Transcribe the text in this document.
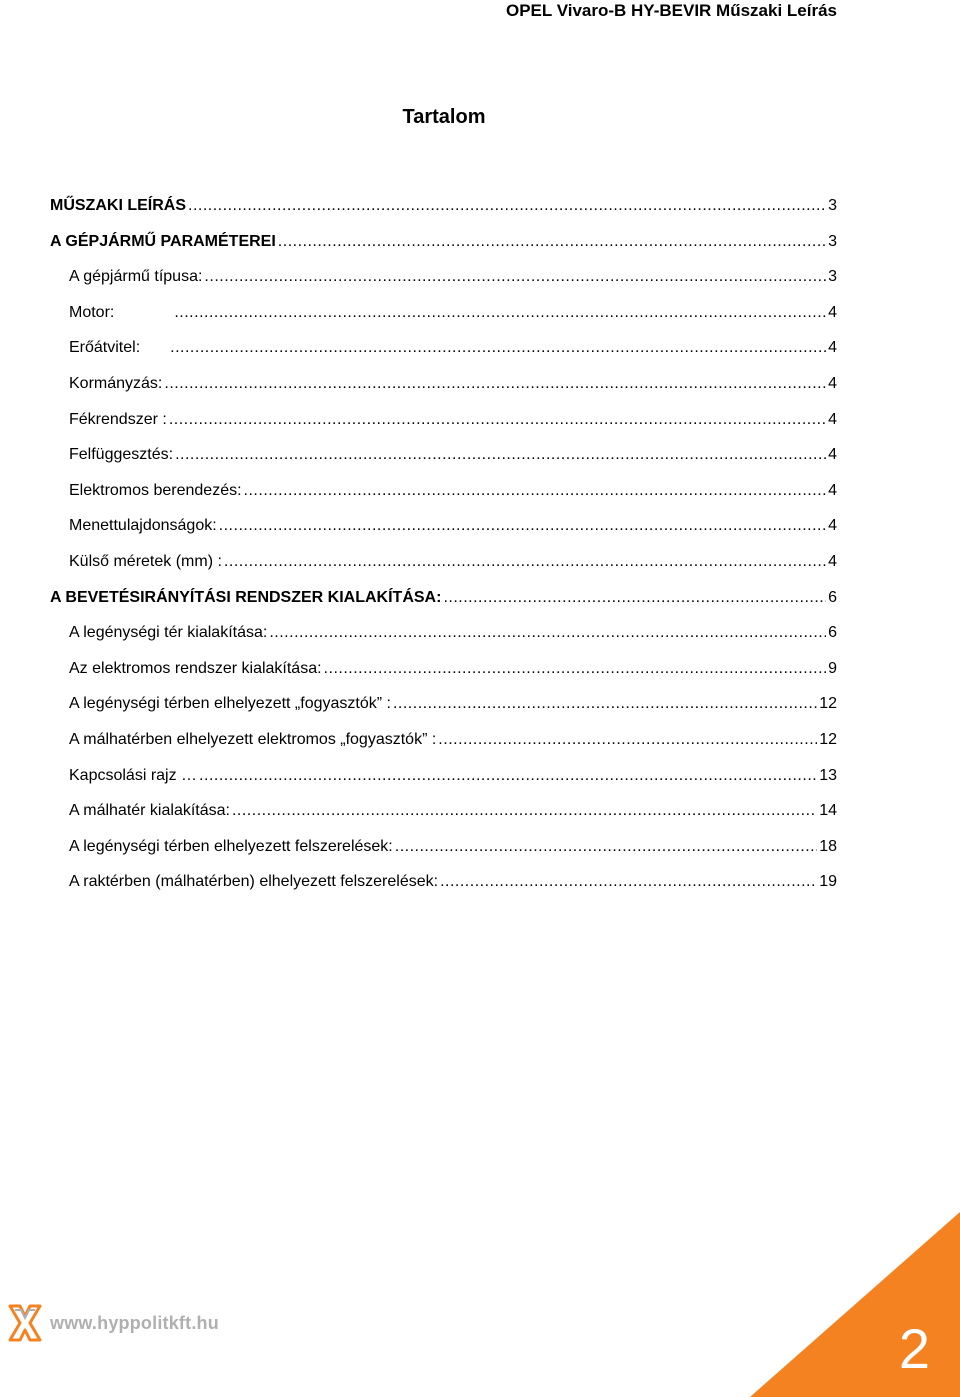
OPEL Vivaro-B HY-BEVIR Műszaki Leírás
Tartalom
MŰSZAKI LEÍRÁS .....	3
A GÉPJÁRMŰ PARAMÉTEREI .....	3
A gépjármű típusa: .....	3
Motor: .....	4
Erőátvitel: .....	4
Kormányzás: .....	4
Fékrendszer : .....	4
Felfüggesztés: .....	4
Elektromos berendezés: .....	4
Menettulajdonságok: .....	4
Külső méretek (mm) : .....	4
A BEVETÉSIRÁNYÍTÁSI RENDSZER KIALAKÍTÁSA: .....	6
A legénységi tér kialakítása: .....	6
Az elektromos rendszer kialakítása: .....	9
A legénységi térben elhelyezett „fogyasztók” : .....	12
A málhatérben elhelyezett elektromos „fogyasztók” : .....	12
Kapcsolási rajz … .....	13
A málhatér kialakítása: .....	14
A legénységi térben elhelyezett felszerelések: .....	18
A raktérben (málhatérben) elhelyezett felszerelések: .....	19
www.hyppolitkft.hu	2
